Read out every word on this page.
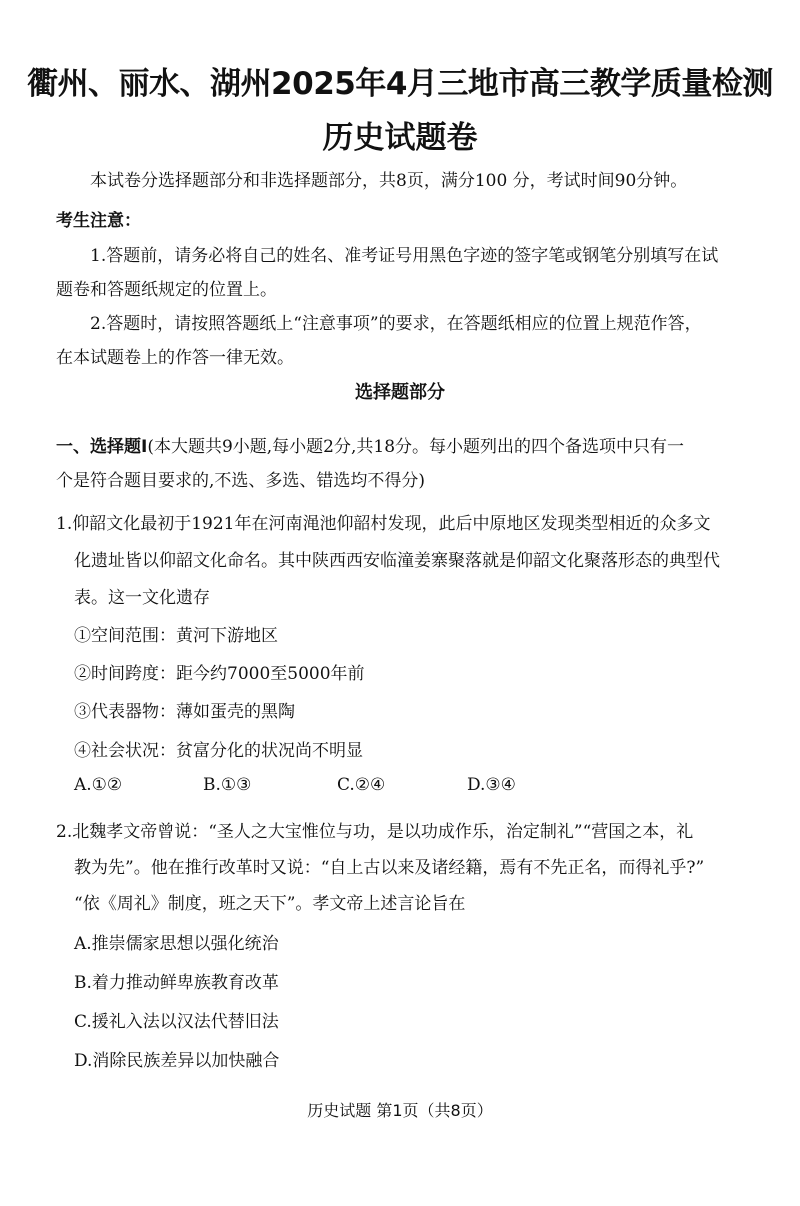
衢州、丽水、湖州2025年4月三地市高三教学质量检测
历史试题卷
本试卷分选择题部分和非选择题部分，共8页，满分100 分，考试时间90分钟。
考生注意：
1.答题前，请务必将自己的姓名、准考证号用黑色字迹的签字笔或钢笔分别填写在试
题卷和答题纸规定的位置上。
2.答题时，请按照答题纸上“注意事项”的要求，在答题纸相应的位置上规范作答，
在本试题卷上的作答一律无效。
选择题部分
一、选择题Ⅰ(本大题共9小题,每小题2分,共18分。每小题列出的四个备选项中只有一
个是符合题目要求的,不选、多选、错选均不得分)
1.仰韶文化最初于1921年在河南渑池仰韶村发现，此后中原地区发现类型相近的众多文
化遗址皆以仰韶文化命名。其中陕西西安临潼姜寨聚落就是仰韶文化聚落形态的典型代
表。这一文化遗存
①空间范围：黄河下游地区
②时间跨度：距今约7000至5000年前
③代表器物：薄如蛋壳的黑陶
④社会状况：贫富分化的状况尚不明显
A.①②	B.①③	C.②④	D.③④
2.北魏孝文帝曾说：“圣人之大宝惟位与功，是以功成作乐，治定制礼”“营国之本，礼
教为先”。他在推行改革时又说：“自上古以来及诸经籍，焉有不先正名，而得礼乎?”
“依《周礼》制度，班之天下”。孝文帝上述言论旨在
A.推崇儒家思想以强化统治
B.着力推动鲜卑族教育改革
C.援礼入法以汉法代替旧法
D.消除民族差异以加快融合
历史试题 第1页（共8页）
